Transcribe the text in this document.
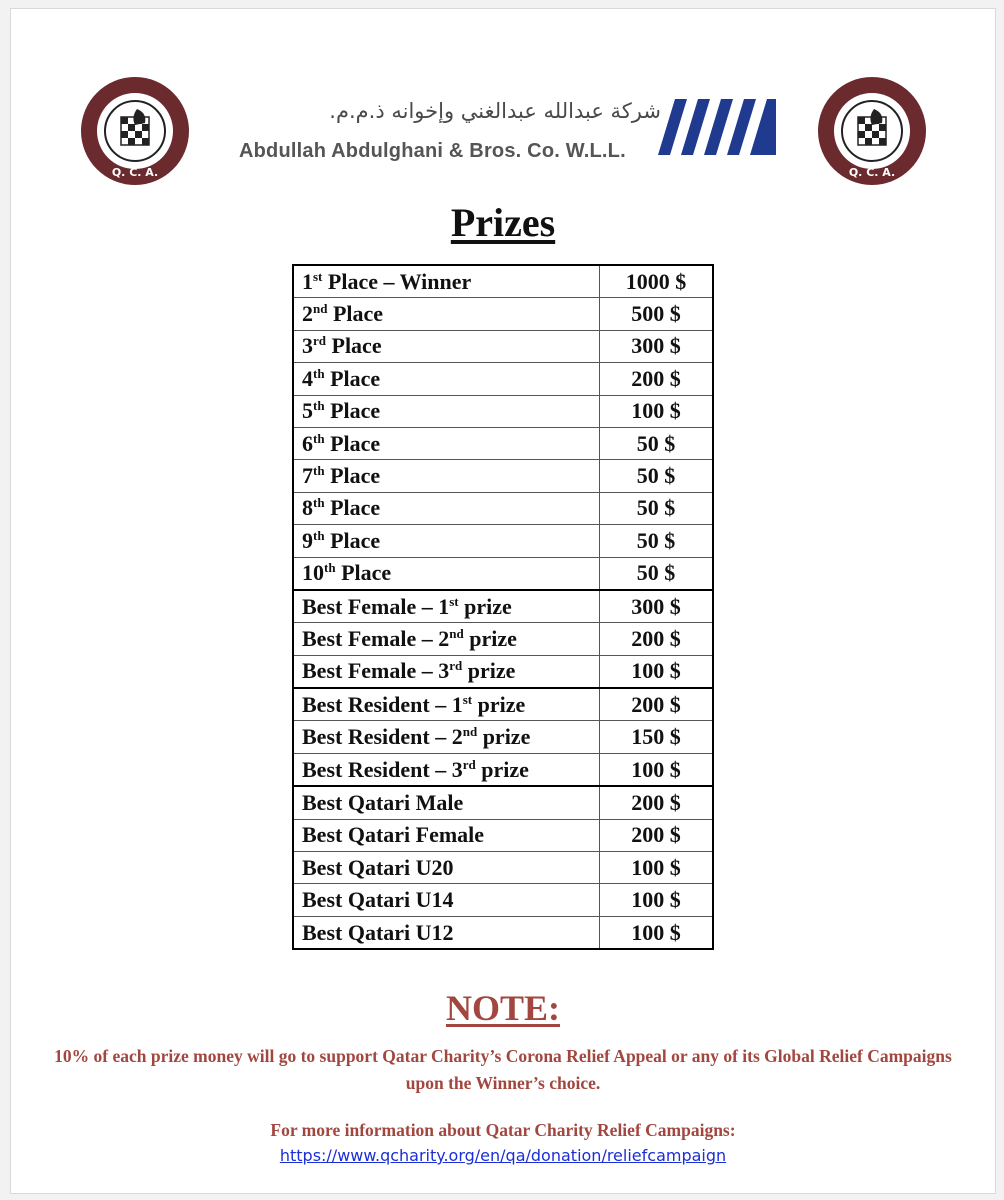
Q. C. A.	Q. C. A.
شركة عبدالله عبدالغني وإخوانه ذ.م.م.
Abdullah Abdulghani & Bros. Co. W.L.L.
Prizes
1st Place – Winner	1000 $
2nd Place	500 $
3rd Place	300 $
4th Place	200 $
5th Place	100 $
6th Place	50 $
7th Place	50 $
8th Place	50 $
9th Place	50 $
10th Place	50 $
Best Female – 1st prize	300 $
Best Female – 2nd prize	200 $
Best Female – 3rd prize	100 $
Best Resident – 1st prize	200 $
Best Resident – 2nd prize	150 $
Best Resident – 3rd prize	100 $
Best Qatari Male	200 $
Best Qatari Female	200 $
Best Qatari U20	100 $
Best Qatari U14	100 $
Best Qatari U12	100 $
NOTE:
10% of each prize money will go to support Qatar Charity’s Corona Relief Appeal or any of its Global Relief Campaigns upon the Winner’s choice.
For more information about Qatar Charity Relief Campaigns:
https://www.qcharity.org/en/qa/donation/reliefcampaign
